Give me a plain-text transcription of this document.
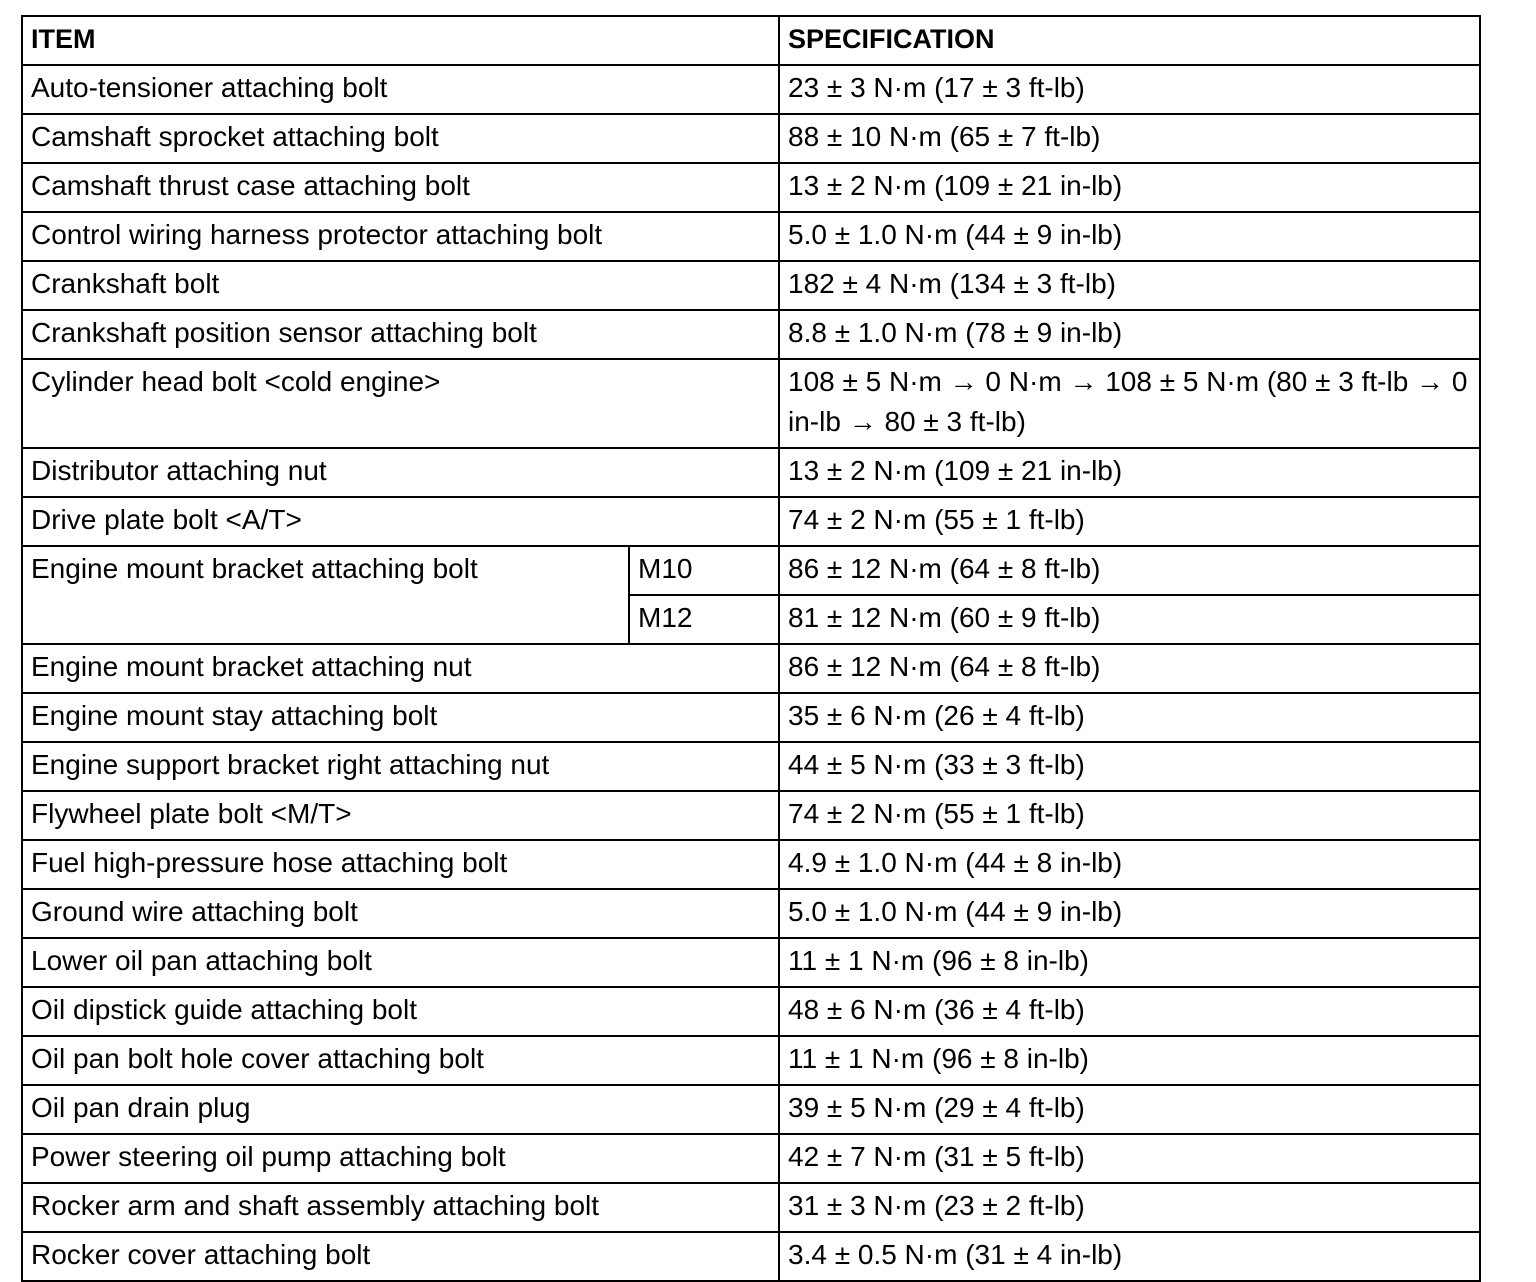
ITEM		SPECIFICATION
Auto-tensioner attaching bolt		23 ± 3 N·m (17 ± 3 ft-lb)
Camshaft sprocket attaching bolt		88 ± 10 N·m (65 ± 7 ft-lb)
Camshaft thrust case attaching bolt		13 ± 2 N·m (109 ± 21 in-lb)
Control wiring harness protector attaching bolt		5.0 ± 1.0 N·m (44 ± 9 in-lb)
Crankshaft bolt		182 ± 4 N·m (134 ± 3 ft-lb)
Crankshaft position sensor attaching bolt		8.8 ± 1.0 N·m (78 ± 9 in-lb)
Cylinder head bolt <cold engine>		108 ± 5 N·m → 0 N·m → 108 ± 5 N·m (80 ± 3 ft-lb → 0 in-lb → 80 ± 3 ft-lb)
Distributor attaching nut		13 ± 2 N·m (109 ± 21 in-lb)
Drive plate bolt <A/T>		74 ± 2 N·m (55 ± 1 ft-lb)
Engine mount bracket attaching bolt	M10	86 ± 12 N·m (64 ± 8 ft-lb)
	M12	81 ± 12 N·m (60 ± 9 ft-lb)
Engine mount bracket attaching nut		86 ± 12 N·m (64 ± 8 ft-lb)
Engine mount stay attaching bolt		35 ± 6 N·m (26 ± 4 ft-lb)
Engine support bracket right attaching nut		44 ± 5 N·m (33 ± 3 ft-lb)
Flywheel plate bolt <M/T>		74 ± 2 N·m (55 ± 1 ft-lb)
Fuel high-pressure hose attaching bolt		4.9 ± 1.0 N·m (44 ± 8 in-lb)
Ground wire attaching bolt		5.0 ± 1.0 N·m (44 ± 9 in-lb)
Lower oil pan attaching bolt		11 ± 1 N·m (96 ± 8 in-lb)
Oil dipstick guide attaching bolt		48 ± 6 N·m (36 ± 4 ft-lb)
Oil pan bolt hole cover attaching bolt		11 ± 1 N·m (96 ± 8 in-lb)
Oil pan drain plug		39 ± 5 N·m (29 ± 4 ft-lb)
Power steering oil pump attaching bolt		42 ± 7 N·m (31 ± 5 ft-lb)
Rocker arm and shaft assembly attaching bolt		31 ± 3 N·m (23 ± 2 ft-lb)
Rocker cover attaching bolt		3.4 ± 0.5 N·m (31 ± 4 in-lb)
